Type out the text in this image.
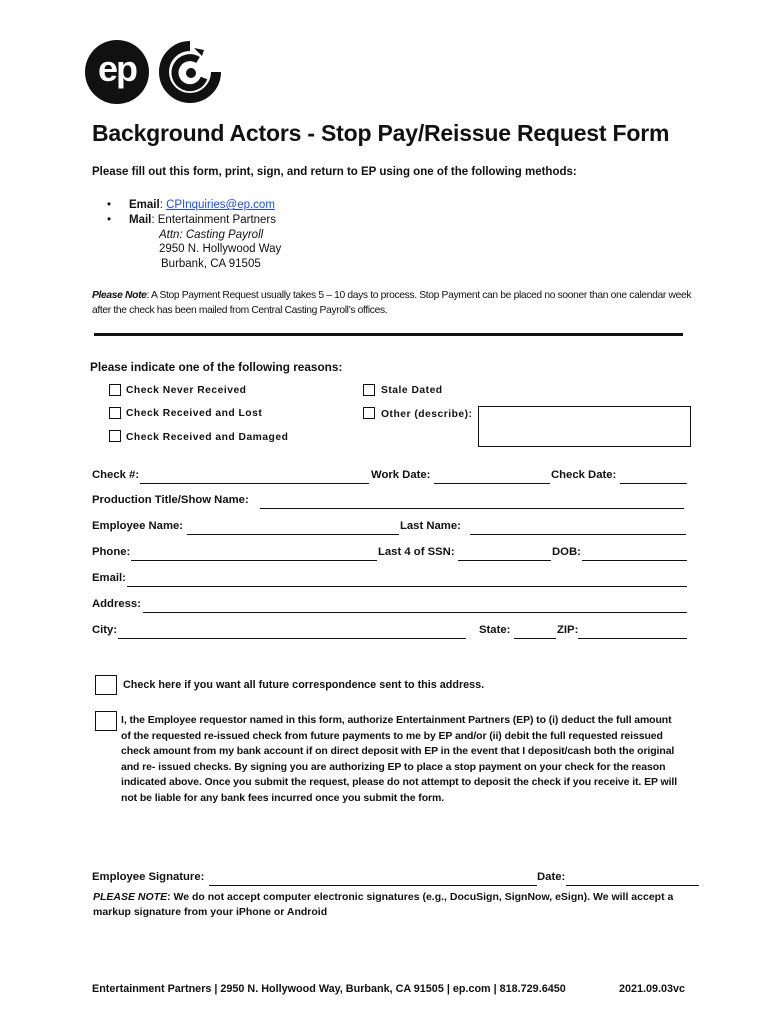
ep
Background Actors - Stop Pay/Reissue Request Form
Please fill out this form, print, sign, and return to EP using one of the following methods:
• Email: CPInquiries@ep.com
• Mail: Entertainment Partners
Attn: Casting Payroll
2950 N. Hollywood Way
Burbank, CA 91505
Please Note: A Stop Payment Request usually takes 5 – 10 days to process. Stop Payment can be placed no sooner than one calendar week after the check has been mailed from Central Casting Payroll’s offices.
Please indicate one of the following reasons:
Check Never Received
Check Received and Lost
Check Received and Damaged
Stale Dated
Other (describe):
Check #:	Work Date:	Check Date:
Production Title/Show Name:
Employee Name:	Last Name:
Phone:	Last 4 of SSN:	DOB:
Email:
Address:
City:	State:	ZIP:
Check here if you want all future correspondence sent to this address.
I, the Employee requestor named in this form, authorize Entertainment Partners (EP) to (i) deduct the full amount of the requested re-issued check from future payments to me by EP and/or (ii) debit the full requested reissued check amount from my bank account if on direct deposit with EP in the event that I deposit/cash both the original and re- issued checks. By signing you are authorizing EP to place a stop payment on your check for the reason indicated above. Once you submit the request, please do not attempt to deposit the check if you receive it. EP will not be liable for any bank fees incurred once you submit the form.
Employee Signature:	Date:
PLEASE NOTE: We do not accept computer electronic signatures (e.g., DocuSign, SignNow, eSign). We will accept a markup signature from your iPhone or Android
Entertainment Partners | 2950 N. Hollywood Way, Burbank, CA 91505 | ep.com | 818.729.6450	2021.09.03vc
